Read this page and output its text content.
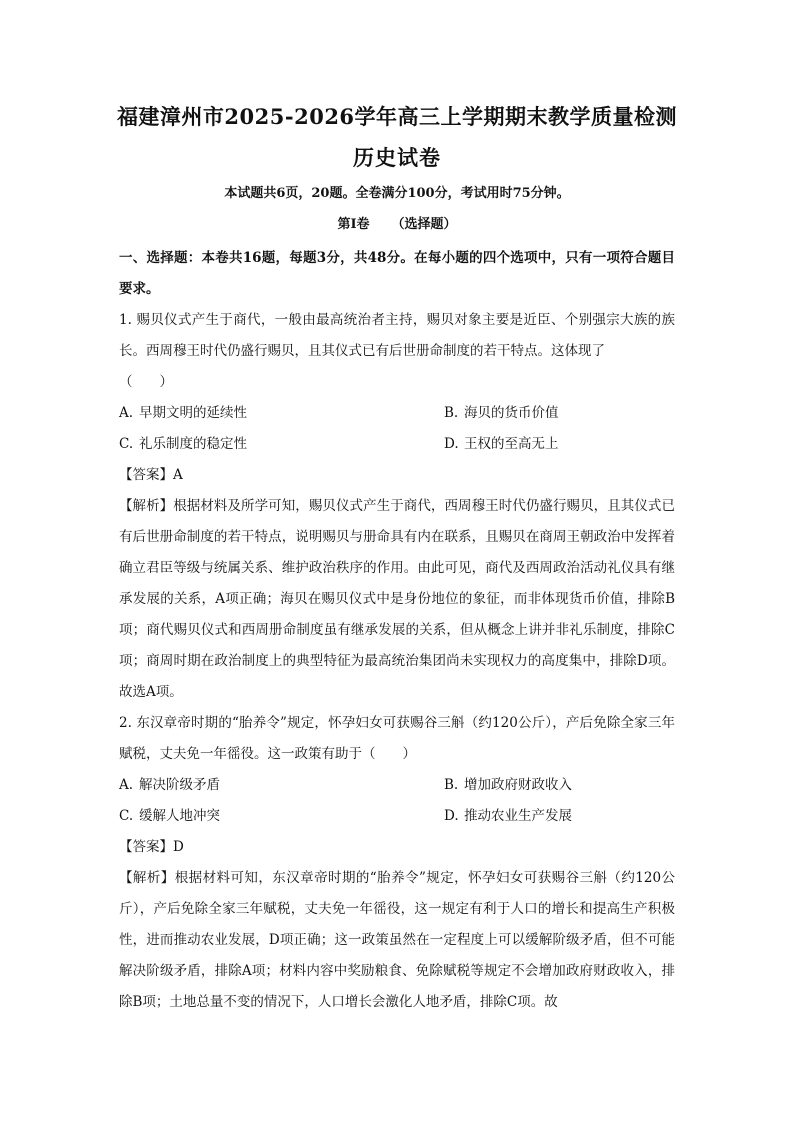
福建漳州市2025-2026学年高三上学期期末教学质量检测
历史试卷
本试题共6页，20题。全卷满分100分，考试用时75分钟。
第Ⅰ卷 （选择题）

一、选择题：本卷共16题，每题3分，共48分。在每小题的四个选项中，只有一项符合题目要求。

1. 赐贝仪式产生于商代，一般由最高统治者主持，赐贝对象主要是近臣、个别强宗大族的族长。西周穆王时代仍盛行赐贝，且其仪式已有后世册命制度的若干特点。这体现了

（　　）

A. 早期文明的延续性	B. 海贝的货币价值
C. 礼乐制度的稳定性	D. 王权的至高无上

【答案】A

【解析】根据材料及所学可知，赐贝仪式产生于商代，西周穆王时代仍盛行赐贝，且其仪式已有后世册命制度的若干特点，说明赐贝与册命具有内在联系，且赐贝在商周王朝政治中发挥着确立君臣等级与统属关系、维护政治秩序的作用。由此可见，商代及西周政治活动礼仪具有继承发展的关系，A项正确；海贝在赐贝仪式中是身份地位的象征，而非体现货币价值，排除B项；商代赐贝仪式和西周册命制度虽有继承发展的关系，但从概念上讲并非礼乐制度，排除C项；商周时期在政治制度上的典型特征为最高统治集团尚未实现权力的高度集中，排除D项。故选A项。

2. 东汉章帝时期的“胎养令”规定，怀孕妇女可获赐谷三斛（约120公斤），产后免除全家三年赋税，丈夫免一年徭役。这一政策有助于（　　）

A. 解决阶级矛盾	B. 增加政府财政收入
C. 缓解人地冲突	D. 推动农业生产发展

【答案】D

【解析】根据材料可知，东汉章帝时期的“胎养令”规定，怀孕妇女可获赐谷三斛（约120公斤），产后免除全家三年赋税，丈夫免一年徭役，这一规定有利于人口的增长和提高生产积极性，进而推动农业发展，D项正确；这一政策虽然在一定程度上可以缓解阶级矛盾，但不可能解决阶级矛盾，排除A项；材料内容中奖励粮食、免除赋税等规定不会增加政府财政收入，排除B项；土地总量不变的情况下，人口增长会激化人地矛盾，排除C项。故
